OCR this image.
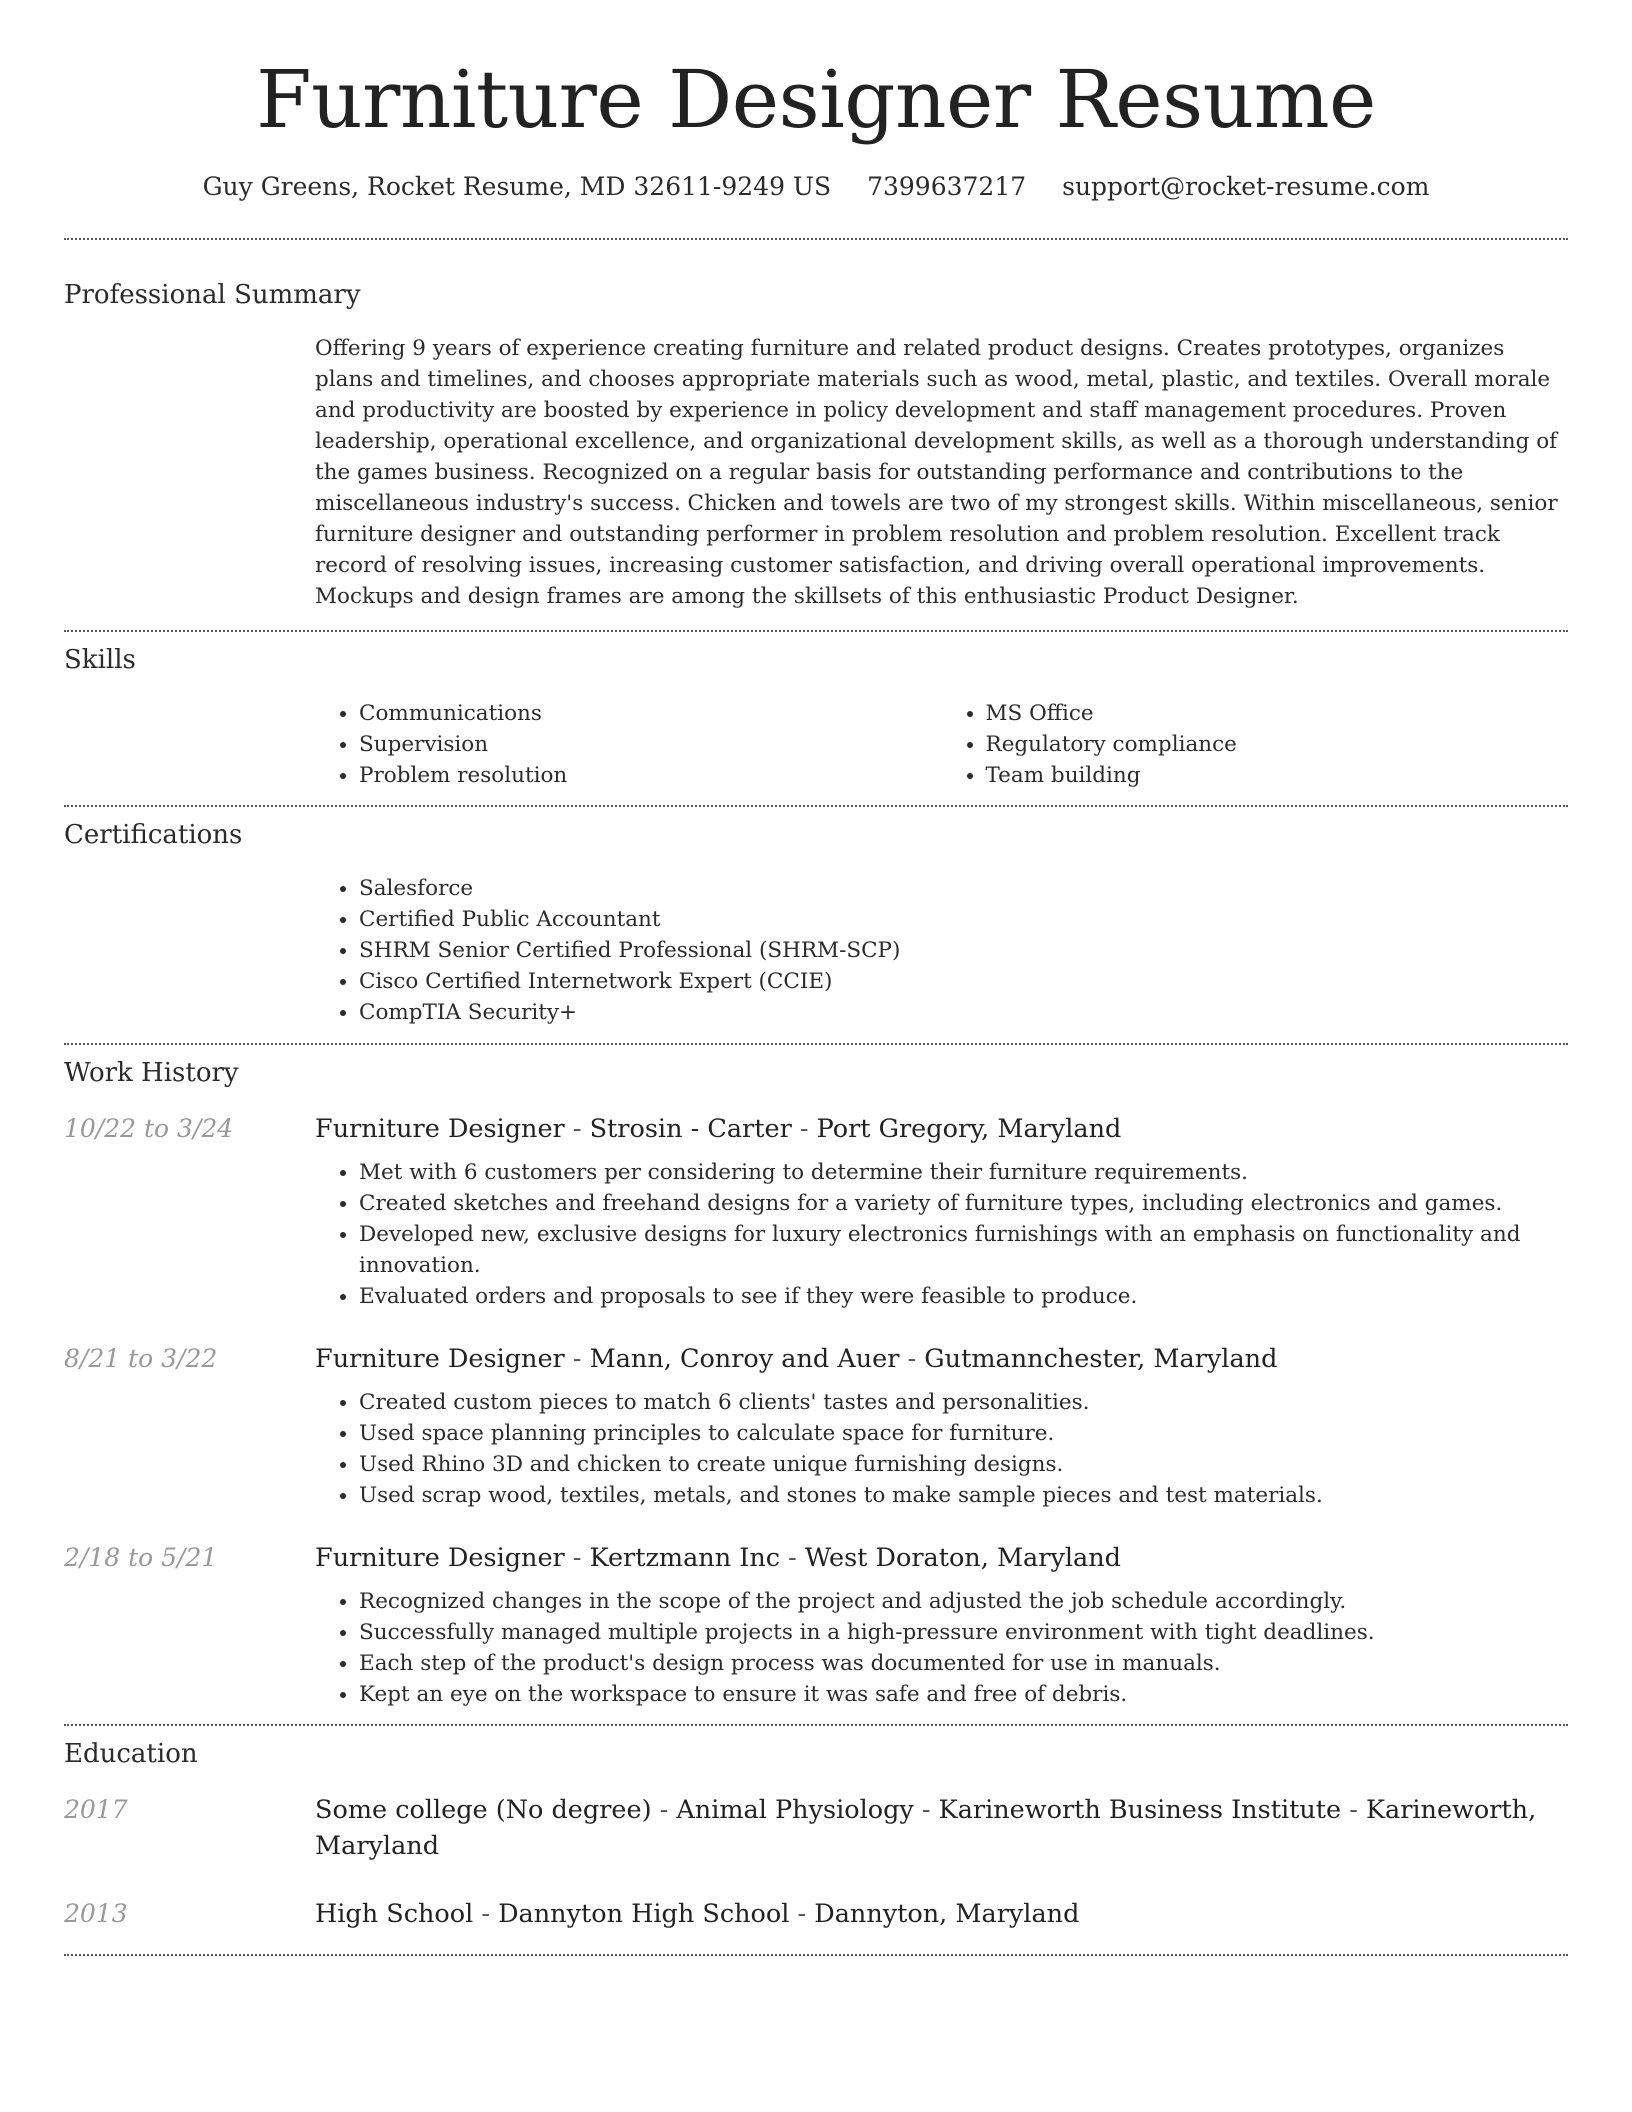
Furniture Designer Resume
Guy Greens, Rocket Resume, MD 32611-9249 US 7399637217 support@rocket-resume.com
Professional Summary

Offering 9 years of experience creating furniture and related product designs. Creates prototypes, organizes plans and timelines, and chooses appropriate materials such as wood, metal, plastic, and textiles. Overall morale and productivity are boosted by experience in policy development and staff management procedures. Proven leadership, operational excellence, and organizational development skills, as well as a thorough understanding of the games business. Recognized on a regular basis for outstanding performance and contributions to the miscellaneous industry's success. Chicken and towels are two of my strongest skills. Within miscellaneous, senior furniture designer and outstanding performer in problem resolution and problem resolution. Excellent track record of resolving issues, increasing customer satisfaction, and driving overall operational improvements. Mockups and design frames are among the skillsets of this enthusiastic Product Designer.

Skills
• Communications
• Supervision
• Problem resolution
• MS Office
• Regulatory compliance
• Team building
Certifications
• Salesforce
• Certified Public Accountant
• SHRM Senior Certified Professional (SHRM-SCP)
• Cisco Certified Internetwork Expert (CCIE)
• CompTIA Security+
Work History
10/22 to 3/24	Furniture Designer - Strosin - Carter - Port Gregory, Maryland
• Met with 6 customers per considering to determine their furniture requirements.
• Created sketches and freehand designs for a variety of furniture types, including electronics and games.
• Developed new, exclusive designs for luxury electronics furnishings with an emphasis on functionality and innovation.
• Evaluated orders and proposals to see if they were feasible to produce.
8/21 to 3/22	Furniture Designer - Mann, Conroy and Auer - Gutmannchester, Maryland
• Created custom pieces to match 6 clients' tastes and personalities.
• Used space planning principles to calculate space for furniture.
• Used Rhino 3D and chicken to create unique furnishing designs.
• Used scrap wood, textiles, metals, and stones to make sample pieces and test materials.
2/18 to 5/21	Furniture Designer - Kertzmann Inc - West Doraton, Maryland
• Recognized changes in the scope of the project and adjusted the job schedule accordingly.
• Successfully managed multiple projects in a high-pressure environment with tight deadlines.
• Each step of the product's design process was documented for use in manuals.
• Kept an eye on the workspace to ensure it was safe and free of debris.
Education
2017	Some college (No degree) - Animal Physiology - Karineworth Business Institute - Karineworth, Maryland
2013	High School - Dannyton High School - Dannyton, Maryland
